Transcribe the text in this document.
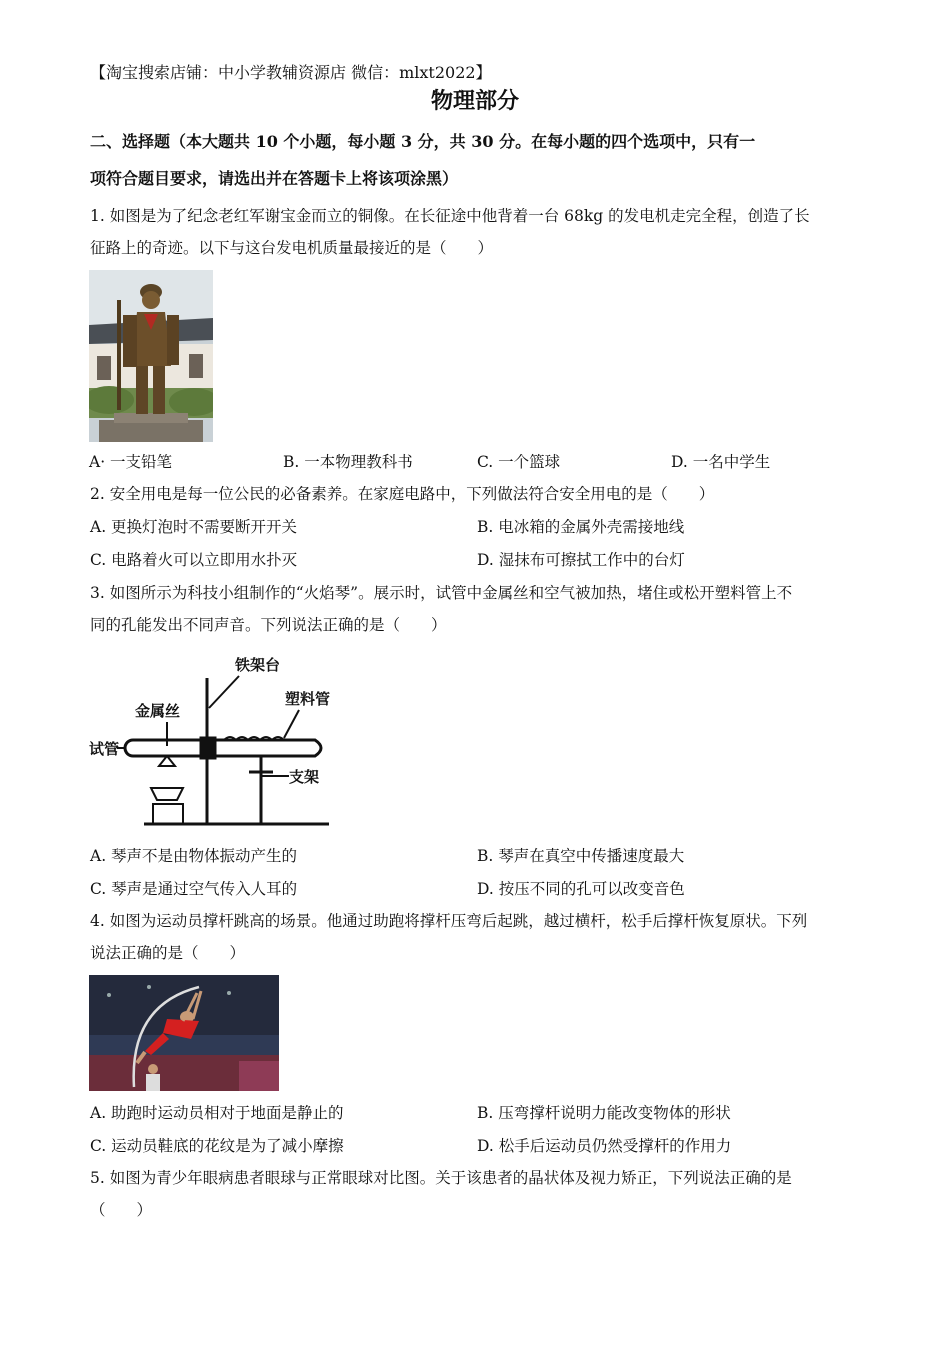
【淘宝搜索店铺：中小学教辅资源店 微信：mlxt2022】
物理部分
二、选择题（本大题共 10 个小题，每小题 3 分，共 30 分。在每小题的四个选项中，只有一
项符合题目要求，请选出并在答题卡上将该项涂黑）
1. 如图是为了纪念老红军谢宝金而立的铜像。在长征途中他背着一台 68kg 的发电机走完全程，创造了长
征路上的奇迹。以下与这台发电机质量最接近的是（　　）
A· 一支铅笔	B. 一本物理教科书	C. 一个篮球	D. 一名中学生
2. 安全用电是每一位公民的必备素养。在家庭电路中，下列做法符合安全用电的是（　　）
A. 更换灯泡时不需要断开开关	B. 电冰箱的金属外壳需接地线
C. 电路着火可以立即用水扑灭	D. 湿抹布可擦拭工作中的台灯
3. 如图所示为科技小组制作的“火焰琴”。展示时，试管中金属丝和空气被加热，堵住或松开塑料管上不
同的孔能发出不同声音。下列说法正确的是（　　）
铁架台
塑料管
金属丝
试管
支架
A. 琴声不是由物体振动产生的	B. 琴声在真空中传播速度最大
C. 琴声是通过空气传入人耳的	D. 按压不同的孔可以改变音色
4. 如图为运动员撑杆跳高的场景。他通过助跑将撑杆压弯后起跳，越过横杆，松手后撑杆恢复原状。下列
说法正确的是（　　）
A. 助跑时运动员相对于地面是静止的	B. 压弯撑杆说明力能改变物体的形状
C. 运动员鞋底的花纹是为了减小摩擦	D. 松手后运动员仍然受撑杆的作用力
5. 如图为青少年眼病患者眼球与正常眼球对比图。关于该患者的晶状体及视力矫正，下列说法正确的是
（　　）
